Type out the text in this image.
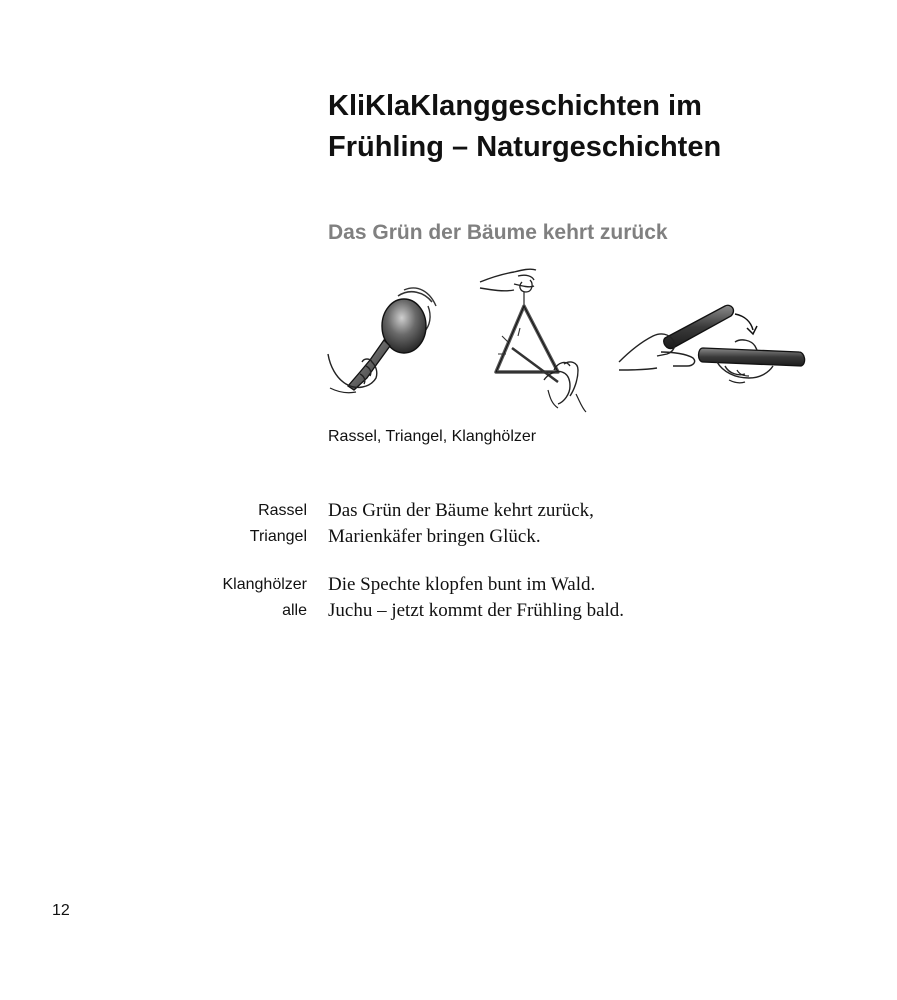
KliKlaKlanggeschichten im
Frühling – Naturgeschichten
Das Grün der Bäume kehrt zurück
Rassel, Triangel, Klanghölzer
Rassel Das Grün der Bäume kehrt zurück,
Triangel Marienkäfer bringen Glück.
Klanghölzer Die Spechte klopfen bunt im Wald.
alle Juchu – jetzt kommt der Frühling bald.
12
